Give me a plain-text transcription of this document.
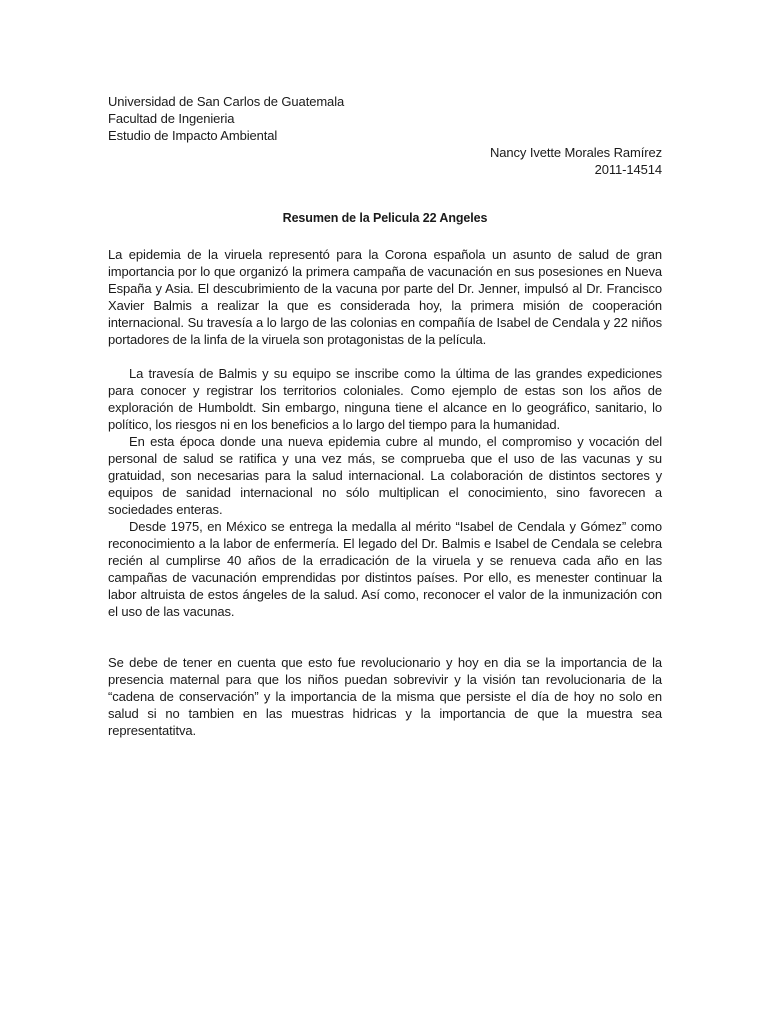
Universidad de San Carlos de Guatemala

Facultad de Ingenieria

Estudio de Impacto Ambiental

Nancy Ivette Morales Ramírez

2011-14514

Resumen de la Pelicula 22 Angeles

La epidemia de la viruela representó para la Corona española un asunto de salud de gran importancia por lo que organizó la primera campaña de vacunación en sus posesiones en Nueva España y Asia. El descubrimiento de la vacuna por parte del Dr. Jenner, impulsó al Dr. Francisco Xavier Balmis a realizar la que es considerada hoy, la primera misión de cooperación internacional. Su travesía a lo largo de las colonias en compañía de Isabel de Cendala y 22 niños portadores de la linfa de la viruela son protagonistas de la película.

La travesía de Balmis y su equipo se inscribe como la última de las grandes expediciones para conocer y registrar los territorios coloniales. Como ejemplo de estas son los años de exploración de Humboldt. Sin embargo, ninguna tiene el alcance en lo geográfico, sanitario, lo político, los riesgos ni en los beneficios a lo largo del tiempo para la humanidad.

En esta época donde una nueva epidemia cubre al mundo, el compromiso y vocación del personal de salud se ratifica y una vez más, se comprueba que el uso de las vacunas y su gratuidad, son necesarias para la salud internacional. La colaboración de distintos sectores y equipos de sanidad internacional no sólo multiplican el conocimiento, sino favorecen a sociedades enteras.

Desde 1975, en México se entrega la medalla al mérito “Isabel de Cendala y Gómez” como reconocimiento a la labor de enfermería. El legado del Dr. Balmis e Isabel de Cendala se celebra recién al cumplirse 40 años de la erradicación de la viruela y se renueva cada año en las campañas de vacunación emprendidas por distintos países. Por ello, es menester continuar la labor altruista de estos ángeles de la salud. Así como, reconocer el valor de la inmunización con el uso de las vacunas.

Se debe de tener en cuenta que esto fue revolucionario y hoy en dia se la importancia de la presencia maternal para que los niños puedan sobrevivir y la visión tan revolucionaria de la “cadena de conservación” y la importancia de la misma que persiste el día de hoy no solo en salud si no tambien en las muestras hidricas y la importancia de que la muestra sea representatitva.
